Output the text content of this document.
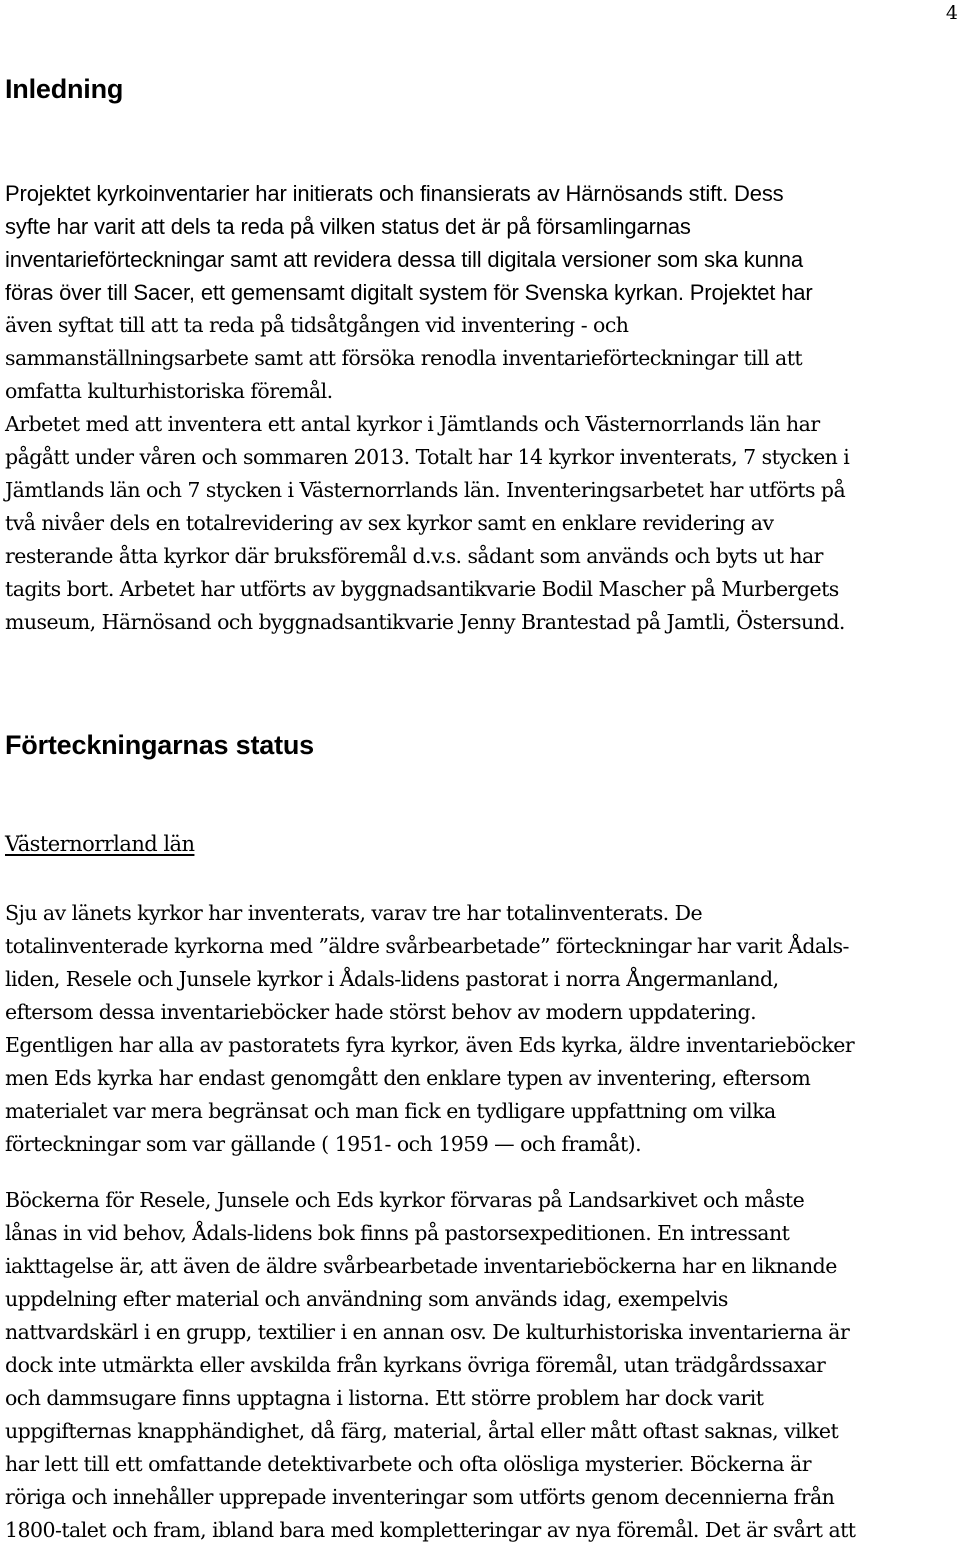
4
Inledning
Projektet kyrkoinventarier har initierats och finansierats av Härnösands stift. Dess
syfte har varit att dels ta reda på vilken status det är på församlingarnas
inventarieförteckningar samt att revidera dessa till digitala versioner som ska kunna
föras över till Sacer, ett gemensamt digitalt system för Svenska kyrkan. Projektet har
även syftat till att ta reda på tidsåtgången vid inventering - och
sammanställningsarbete samt att försöka renodla inventarieförteckningar till att
omfatta kulturhistoriska föremål.
Arbetet med att inventera ett antal kyrkor i Jämtlands och Västernorrlands län har
pågått under våren och sommaren 2013. Totalt har 14 kyrkor inventerats, 7 stycken i
Jämtlands län och 7 stycken i Västernorrlands län. Inventeringsarbetet har utförts på
två nivåer dels en totalrevidering av sex kyrkor samt en enklare revidering av
resterande åtta kyrkor där bruksföremål d.v.s. sådant som används och byts ut har
tagits bort. Arbetet har utförts av byggnadsantikvarie Bodil Mascher på Murbergets
museum, Härnösand och byggnadsantikvarie Jenny Brantestad på Jamtli, Östersund.
Förteckningarnas status
Västernorrland län
Sju av länets kyrkor har inventerats, varav tre har totalinventerats. De
totalinventerade kyrkorna med ”äldre svårbearbetade” förteckningar har varit Ådals-
liden, Resele och Junsele kyrkor i Ådals-lidens pastorat i norra Ångermanland,
eftersom dessa inventarieböcker hade störst behov av modern uppdatering.
Egentligen har alla av pastoratets fyra kyrkor, även Eds kyrka, äldre inventarieböcker
men Eds kyrka har endast genomgått den enklare typen av inventering, eftersom
materialet var mera begränsat och man fick en tydligare uppfattning om vilka
förteckningar som var gällande ( 1951- och 1959 — och framåt).
Böckerna för Resele, Junsele och Eds kyrkor förvaras på Landsarkivet och måste
lånas in vid behov, Ådals-lidens bok finns på pastorsexpeditionen. En intressant
iakttagelse är, att även de äldre svårbearbetade inventarieböckerna har en liknande
uppdelning efter material och användning som används idag, exempelvis
nattvardskärl i en grupp, textilier i en annan osv. De kulturhistoriska inventarierna är
dock inte utmärkta eller avskilda från kyrkans övriga föremål, utan trädgårdssaxar
och dammsugare finns upptagna i listorna. Ett större problem har dock varit
uppgifternas knapphändighet, då färg, material, årtal eller mått oftast saknas, vilket
har lett till ett omfattande detektivarbete och ofta olösliga mysterier. Böckerna är
röriga och innehåller upprepade inventeringar som utförts genom decennierna från
1800-talet och fram, ibland bara med kompletteringar av nya föremål. Det är svårt att
